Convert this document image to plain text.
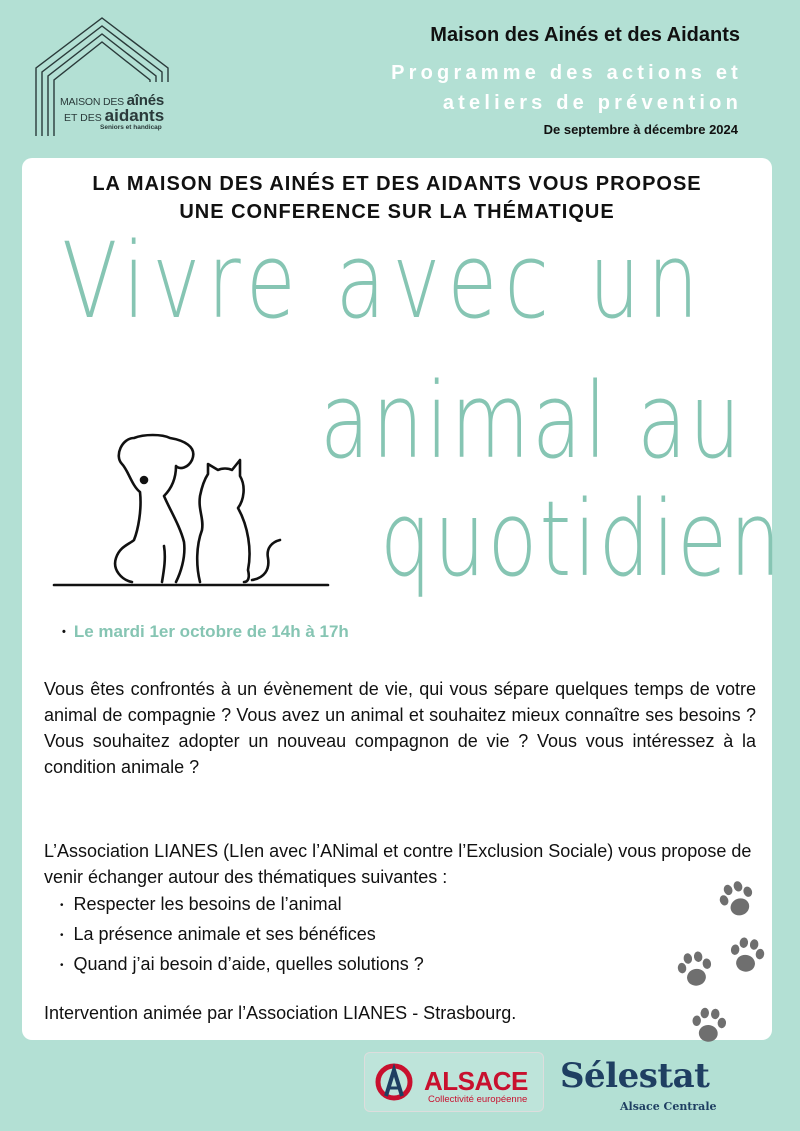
MAISON DES aînés
ET DES aidants
Seniors et handicap
Maison des Ainés et des Aidants
Programme des actions et
ateliers de prévention
De septembre à décembre 2024
LA MAISON DES AINÉS ET DES AIDANTS VOUS PROPOSE
UNE CONFERENCE SUR LA THÉMATIQUE
Vivre avec un
animal au
quotidien
• Le mardi 1er octobre de 14h à 17h

Vous êtes confrontés à un évènement de vie, qui vous sépare quelques temps de votre animal de compagnie ? Vous avez un animal et souhaitez mieux connaître ses besoins ? Vous souhaitez adopter un nouveau compagnon de vie ? Vous vous intéressez à la condition animale ?

L’Association LIANES (LIen avec l’ANimal et contre l’Exclusion Sociale) vous propose de venir échanger autour des thématiques suivantes :

• Respecter les besoins de l’animal
• La présence animale et ses bénéfices
• Quand j’ai besoin d’aide, quelles solutions ?

Intervention animée par l’Association LIANES - Strasbourg.

ALSACE
Collectivité européenne
Sélestat
Alsace Centrale
